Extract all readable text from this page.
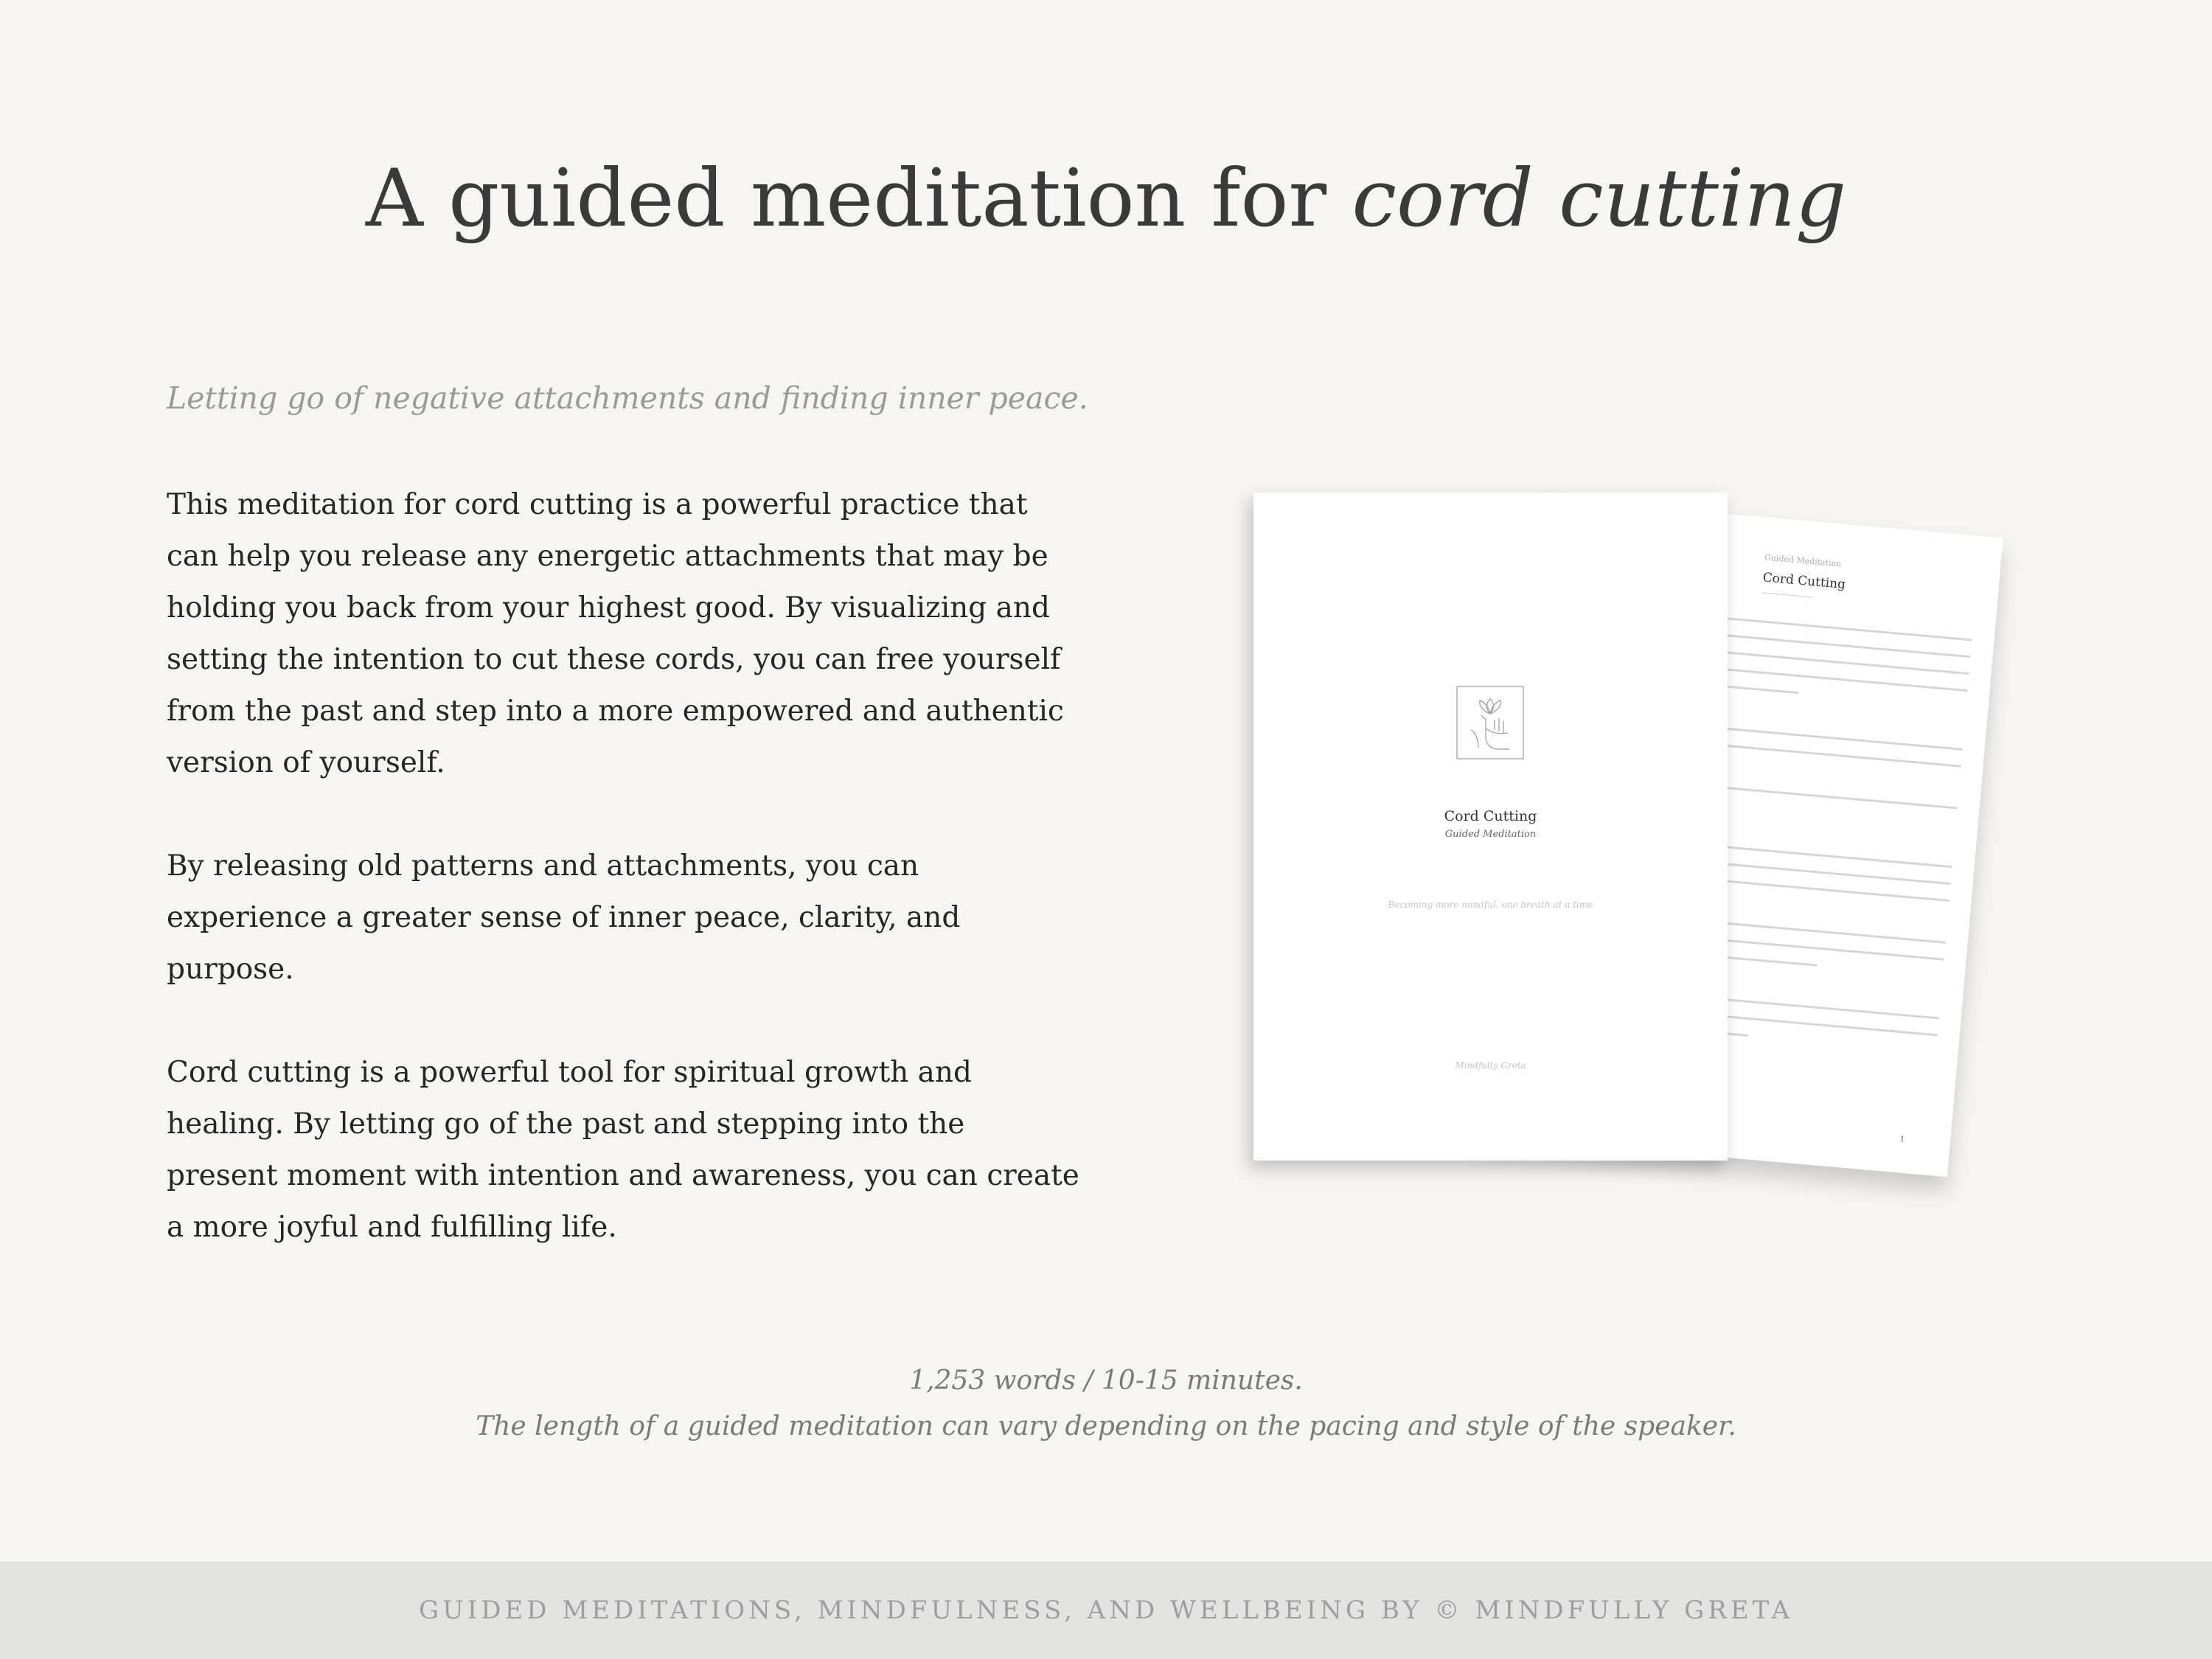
A guided meditation for cord cutting

Letting go of negative attachments and finding inner peace.

This meditation for cord cutting is a powerful practice that can help you release any energetic attachments that may be holding you back from your highest good. By visualizing and setting the intention to cut these cords, you can free yourself from the past and step into a more empowered and authentic version of yourself.

By releasing old patterns and attachments, you can experience a greater sense of inner peace, clarity, and purpose.

Cord cutting is a powerful tool for spiritual growth and healing. By letting go of the past and stepping into the present moment with intention and awareness, you can create a more joyful and fulfilling life.

Guided Meditation
Cord Cutting
1
Cord Cutting
Guided Meditation
Becoming more mindful, one breath at a time
Mindfully Greta
1,253 words / 10-15 minutes.
The length of a guided meditation can vary depending on the pacing and style of the speaker.
GUIDED MEDITATIONS, MINDFULNESS, AND WELLBEING BY © MINDFULLY GRETA
